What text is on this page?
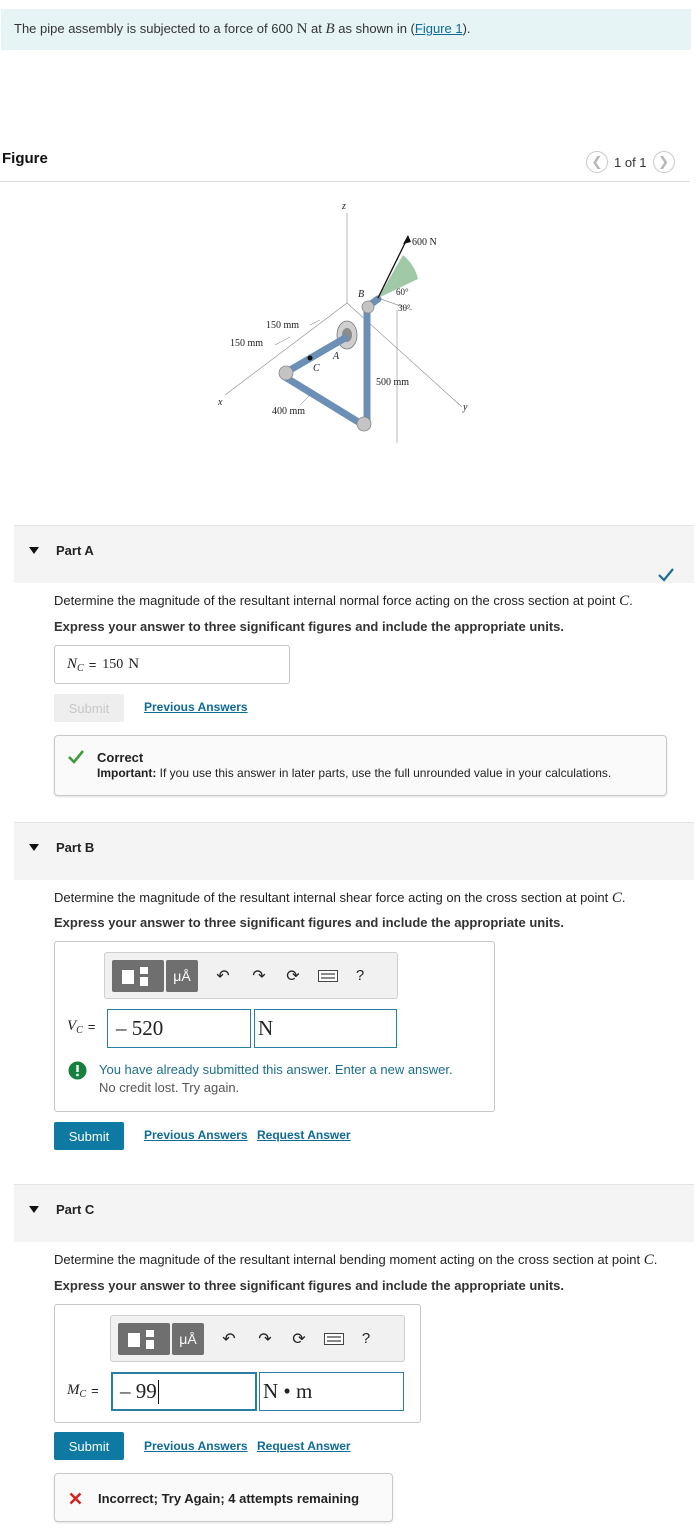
The pipe assembly is subjected to a force of 600 N at B as shown in (Figure 1).
Figure	❮ 1 of 1 ❯
z
x	y
600 N
60°
30°
B
A
C
150 mm
150 mm
400 mm
500 mm
Part A
Determine the magnitude of the resultant internal normal force acting on the cross section at point C.
Express your answer to three significant figures and include the appropriate units.
N C = 150 N
Submit	Previous Answers
Correct
Important: If you use this answer in later parts, use the full unrounded value in your calculations.
Part B
Determine the magnitude of the resultant internal shear force acting on the cross section at point C.
Express your answer to three significant figures and include the appropriate units.
μÅ	↶	↷	⟳	?
V C = – 520	N
You have already submitted this answer. Enter a new answer.
No credit lost. Try again.
Submit	Previous Answers Request Answer
Part C
Determine the magnitude of the resultant internal bending moment acting on the cross section at point C.
Express your answer to three significant figures and include the appropriate units.
μÅ	↶	↷	⟳	?
M C = – 99	N • m
Submit	Previous Answers Request Answer
Incorrect; Try Again; 4 attempts remaining
